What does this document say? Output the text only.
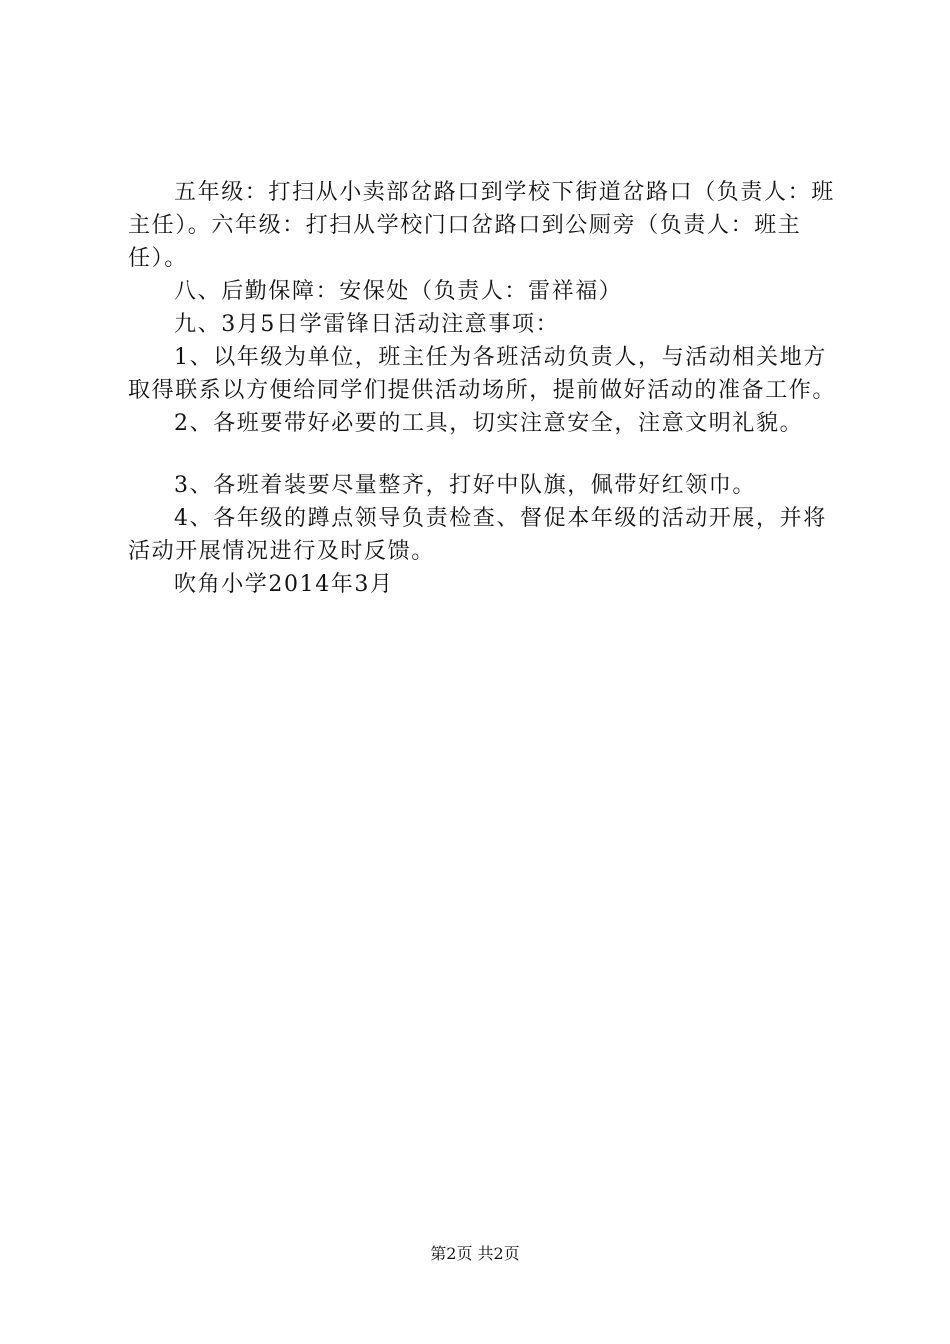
五年级：打扫从小卖部岔路口到学校下街道岔路口（负责人：班主任）。六年级：打扫从学校门口岔路口到公厕旁（负责人：班主任）。

八、后勤保障：安保处（负责人：雷祥福）

九、3月5日学雷锋日活动注意事项：

1、以年级为单位，班主任为各班活动负责人，与活动相关地方取得联系以方便给同学们提供活动场所，提前做好活动的准备工作。

2、各班要带好必要的工具，切实注意安全，注意文明礼貌。

3、各班着装要尽量整齐，打好中队旗，佩带好红领巾。

4、各年级的蹲点领导负责检查、督促本年级的活动开展，并将活动开展情况进行及时反馈。

吹角小学2014年3月

第2页 共2页
